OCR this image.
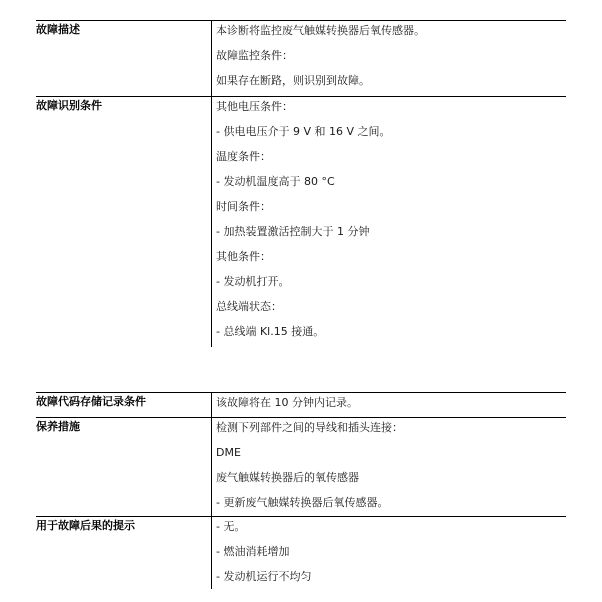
故障描述	本诊断将监控废气触媒转换器后氧传感器。
故障监控条件：
如果存在断路，则识别到故障。
故障识别条件	其他电压条件：
- 供电电压介于 9 V 和 16 V 之间。
温度条件：
- 发动机温度高于 80 °C
时间条件：
- 加热装置激活控制大于 1 分钟
其他条件：
- 发动机打开。
总线端状态：
- 总线端 Kl.15 接通。
故障代码存储记录条件	该故障将在 10 分钟内记录。
保养措施	检测下列部件之间的导线和插头连接：
DME
废气触媒转换器后的氧传感器
- 更新废气触媒转换器后氧传感器。
用于故障后果的提示	- 无。
- 燃油消耗增加
- 发动机运行不均匀
